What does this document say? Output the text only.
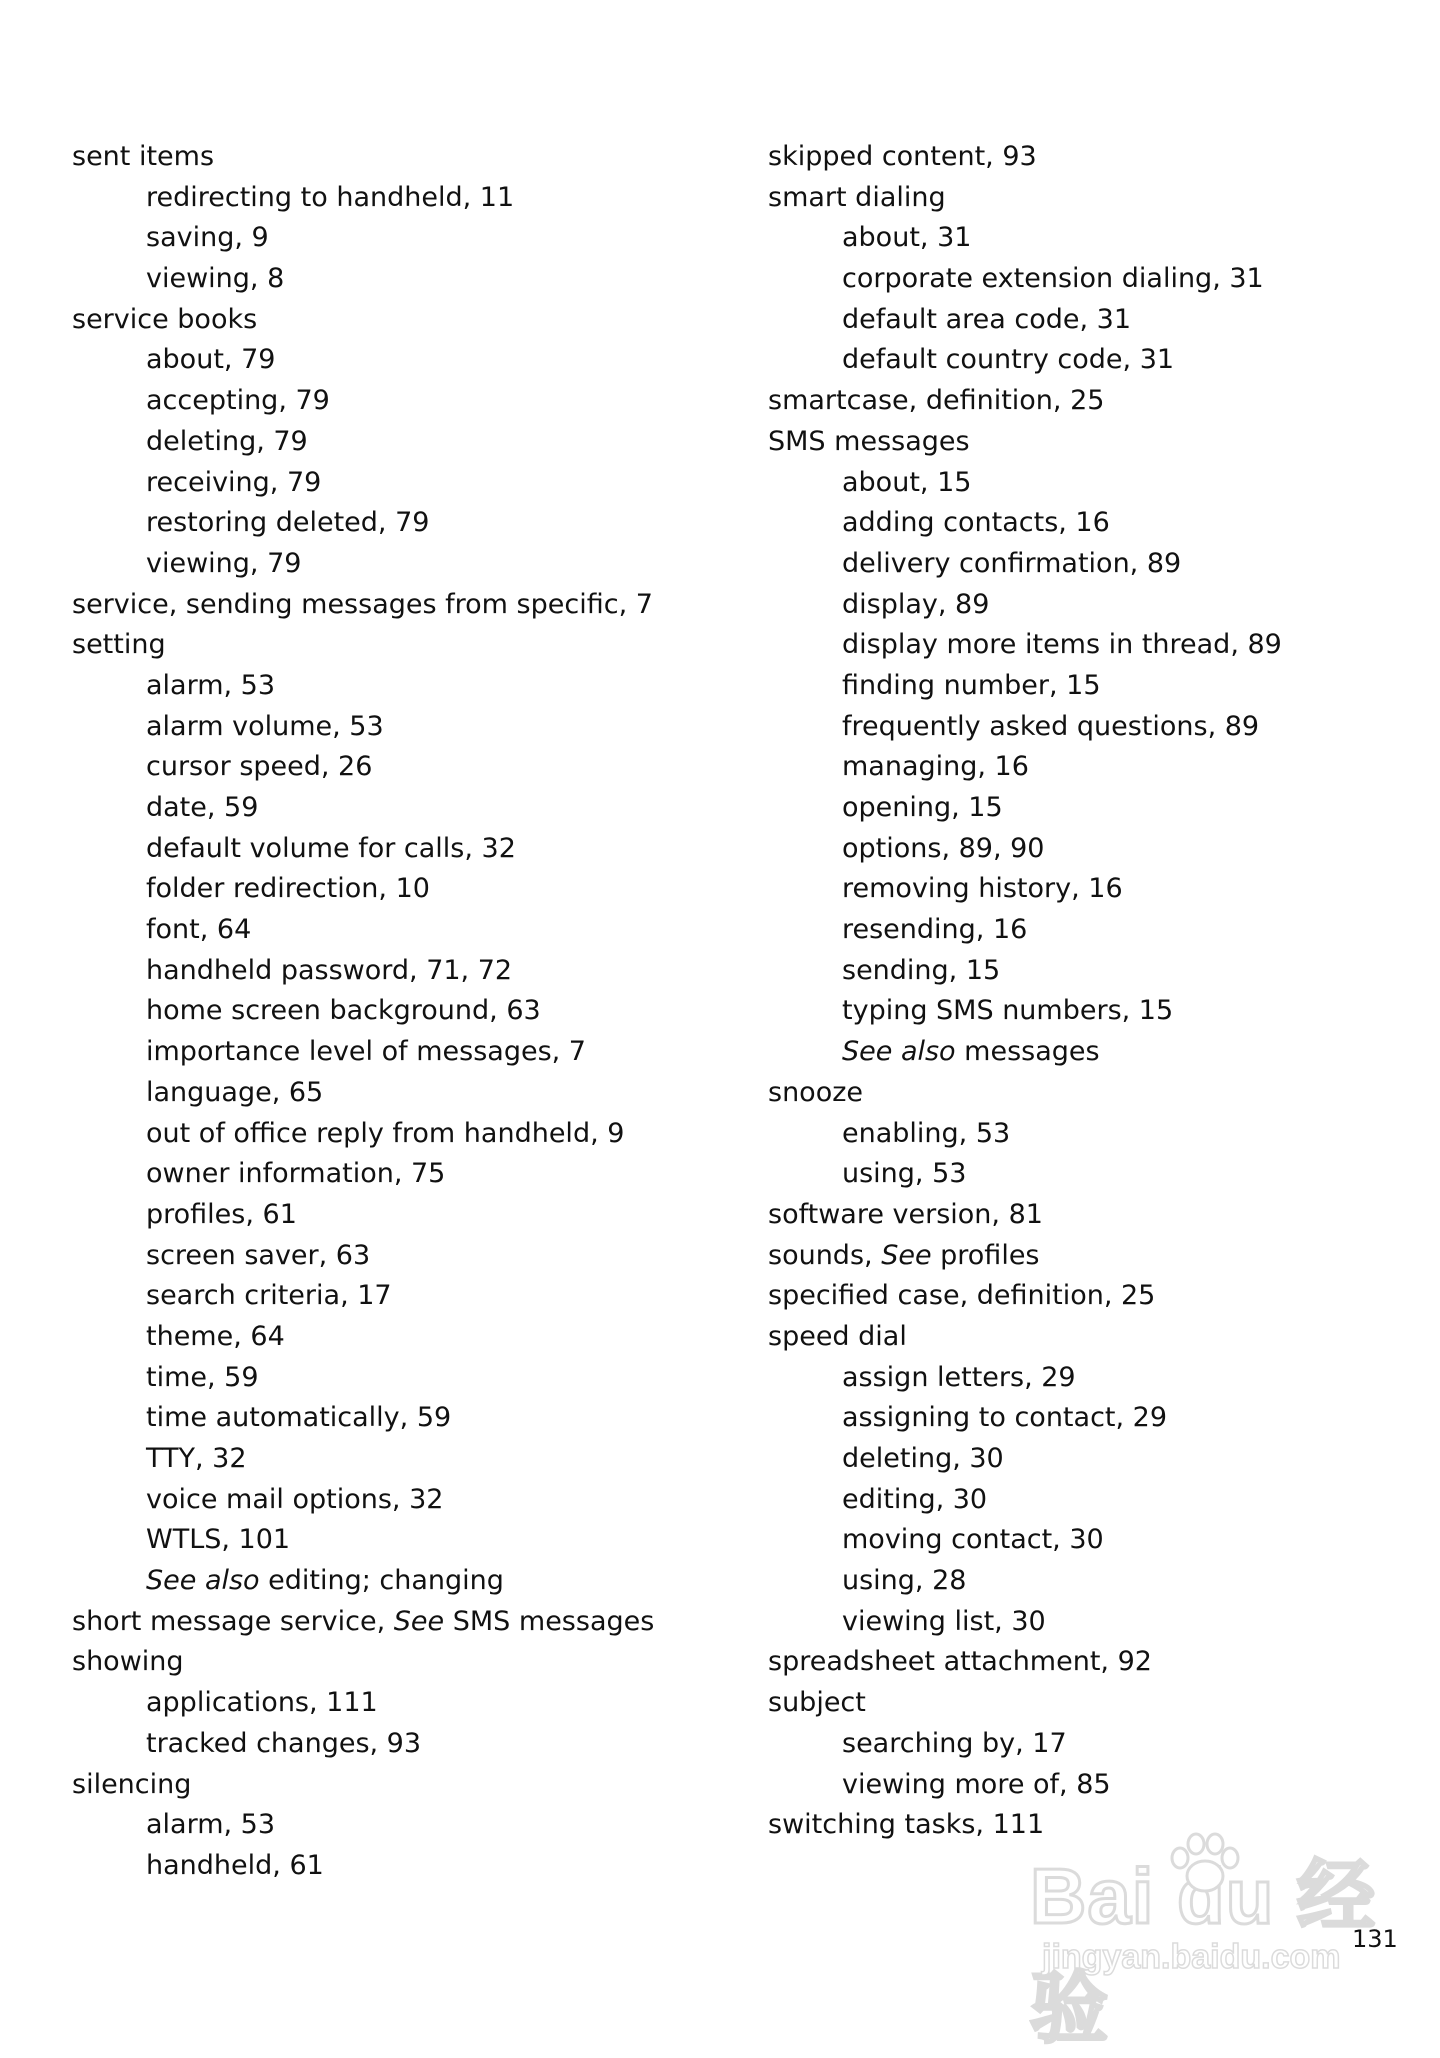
sent items
redirecting to handheld, 11
saving, 9
viewing, 8
service books
about, 79
accepting, 79
deleting, 79
receiving, 79
restoring deleted, 79
viewing, 79
service, sending messages from specific, 7
setting
alarm, 53
alarm volume, 53
cursor speed, 26
date, 59
default volume for calls, 32
folder redirection, 10
font, 64
handheld password, 71, 72
home screen background, 63
importance level of messages, 7
language, 65
out of office reply from handheld, 9
owner information, 75
profiles, 61
screen saver, 63
search criteria, 17
theme, 64
time, 59
time automatically, 59
TTY, 32
voice mail options, 32
WTLS, 101
See also editing; changing
short message service, See SMS messages
showing
applications, 111
tracked changes, 93
silencing
alarm, 53
handheld, 61
skipped content, 93
smart dialing
about, 31
corporate extension dialing, 31
default area code, 31
default country code, 31
smartcase, definition, 25
SMS messages
about, 15
adding contacts, 16
delivery confirmation, 89
display, 89
display more items in thread, 89
finding number, 15
frequently asked questions, 89
managing, 16
opening, 15
options, 89, 90
removing history, 16
resending, 16
sending, 15
typing SMS numbers, 15
See also messages
snooze
enabling, 53
using, 53
software version, 81
sounds, See profiles
specified case, definition, 25
speed dial
assign letters, 29
assigning to contact, 29
deleting, 30
editing, 30
moving contact, 30
using, 28
viewing list, 30
spreadsheet attachment, 92
subject
searching by, 17
viewing more of, 85
switching tasks, 111
131
Bai du 经验
jingyan.baidu.com
